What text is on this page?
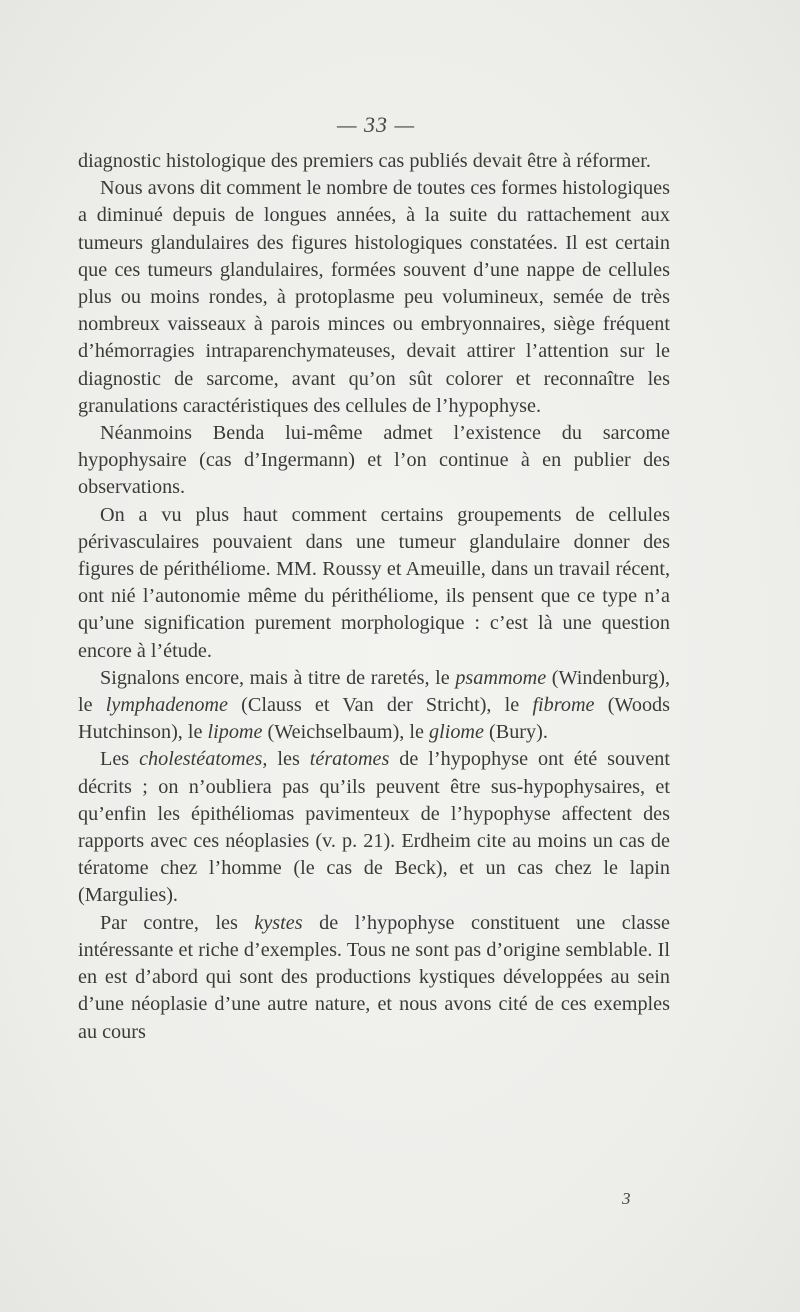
— 33 —

diagnostic histologique des premiers cas publiés devait être à réformer.

Nous avons dit comment le nombre de toutes ces formes histologiques a diminué depuis de longues années, à la suite du rattachement aux tumeurs glandulaires des figures histologiques constatées. Il est certain que ces tumeurs glandulaires, formées souvent d’une nappe de cellules plus ou moins rondes, à protoplasme peu volumineux, semée de très nombreux vaisseaux à parois minces ou embryonnaires, siège fréquent d’hémorragies intraparenchymateuses, devait attirer l’attention sur le diagnostic de sarcome, avant qu’on sût colorer et reconnaître les granulations caractéristiques des cellules de l’hypophyse.

Néanmoins Benda lui-même admet l’existence du sarcome hypophysaire (cas d’Ingermann) et l’on continue à en publier des observations.

On a vu plus haut comment certains groupements de cellules périvasculaires pouvaient dans une tumeur glandulaire donner des figures de périthéliome. MM. Roussy et Ameuille, dans un travail récent, ont nié l’autonomie même du périthéliome, ils pensent que ce type n’a qu’une signification purement morphologique : c’est là une question encore à l’étude.

Signalons encore, mais à titre de raretés, le psammome (Windenburg), le lymphadenome (Clauss et Van der Stricht), le fibrome (Woods Hutchinson), le lipome (Weichselbaum), le gliome (Bury).

Les cholestéatomes, les tératomes de l’hypophyse ont été souvent décrits ; on n’oubliera pas qu’ils peuvent être sus-hypophysaires, et qu’enfin les épithéliomas pavimenteux de l’hypophyse affectent des rapports avec ces néoplasies (v. p. 21). Erdheim cite au moins un cas de tératome chez l’homme (le cas de Beck), et un cas chez le lapin (Margulies).

Par contre, les kystes de l’hypophyse constituent une classe intéressante et riche d’exemples. Tous ne sont pas d’origine semblable. Il en est d’abord qui sont des productions kystiques développées au sein d’une néoplasie d’une autre nature, et nous avons cité de ces exemples au cours

3
